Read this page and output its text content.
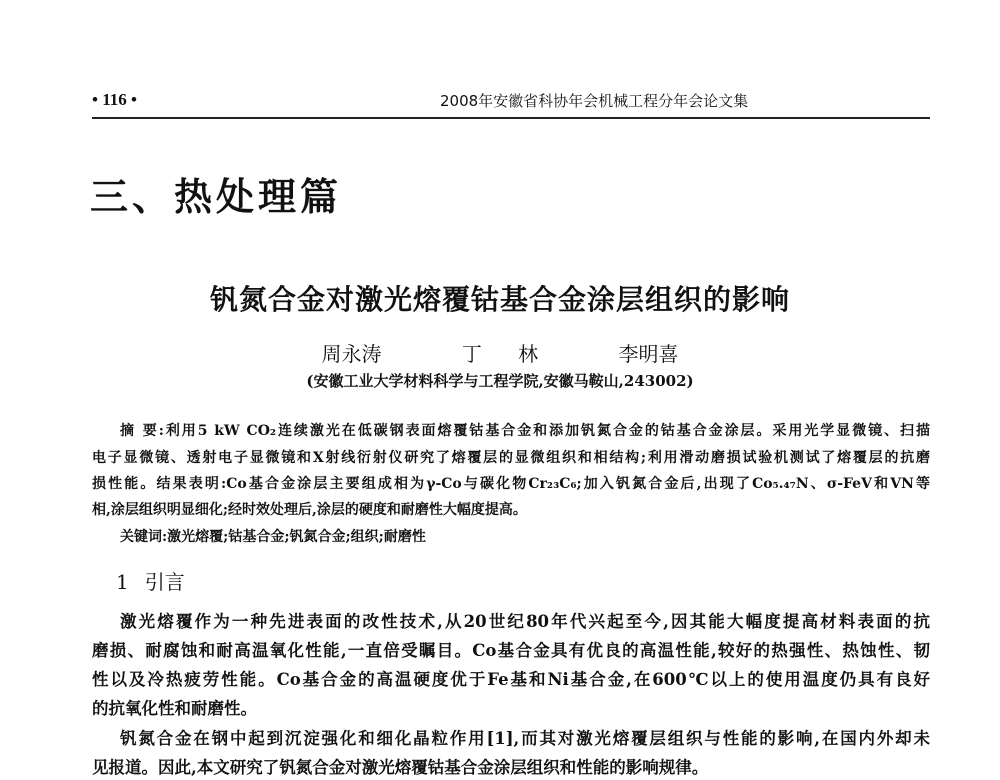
• 116 •	2008年安徽省科协年会机械工程分年会论文集
三、热处理篇
钒氮合金对激光熔覆钴基合金涂层组织的影响
周永涛	丁 林	李明喜
(安徽工业大学材料科学与工程学院,安徽马鞍山,243002)
摘 要:利用5 kW CO₂连续激光在低碳钢表面熔覆钴基合金和添加钒氮合金的钴基合金涂层。采用光学显微镜、扫描
电子显微镜、透射电子显微镜和X射线衍射仪研究了熔覆层的显微组织和相结构;利用滑动磨损试验机测试了熔覆层的抗磨
损性能。结果表明:Co基合金涂层主要组成相为γ-Co与碳化物Cr₂₃C₆;加入钒氮合金后,出现了Co₅.₄₇N、σ-FeV和VN等
相,涂层组织明显细化;经时效处理后,涂层的硬度和耐磨性大幅度提高。
关键词:激光熔覆;钴基合金;钒氮合金;组织;耐磨性
1 引言
激光熔覆作为一种先进表面的改性技术,从20世纪80年代兴起至今,因其能大幅度提高材料表面的抗
磨损、耐腐蚀和耐高温氧化性能,一直倍受瞩目。Co基合金具有优良的高温性能,较好的热强性、热蚀性、韧
性以及冷热疲劳性能。Co基合金的高温硬度优于Fe基和Ni基合金,在600℃以上的使用温度仍具有良好
的抗氧化性和耐磨性。
钒氮合金在钢中起到沉淀强化和细化晶粒作用[1],而其对激光熔覆层组织与性能的影响,在国内外却未
见报道。因此,本文研究了钒氮合金对激光熔覆钴基合金涂层组织和性能的影响规律。
